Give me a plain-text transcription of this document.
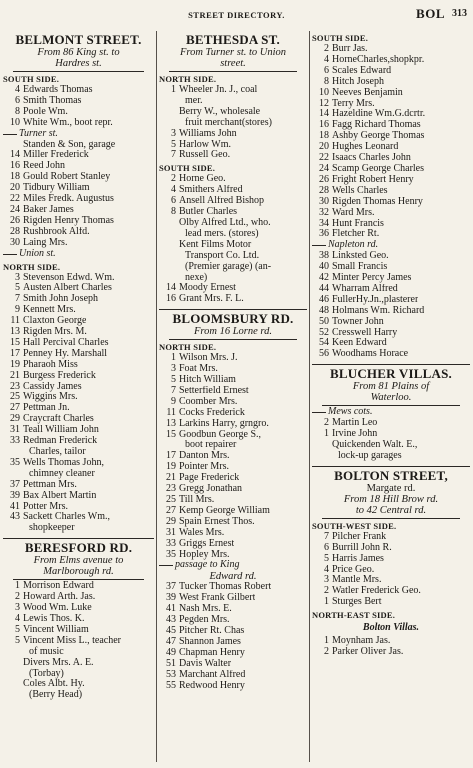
STREET DIRECTORY.	BOL 313
BELMONT STREET.
From 86 King st. to
Hardres st.
SOUTH SIDE.
4 Edwards Thomas
6 Smith Thomas
8 Poole Wm.
10 White Wm., boot repr.
Turner st.
Standen & Son, garage
14 Miller Frederick
16 Reed John
18 Gould Robert Stanley
20 Tidbury William
22 Miles Fredk. Augustus
24 Baker James
26 Rigden Henry Thomas
28 Rushbrook Alfd.
30 Laing Mrs.
Union st.
NORTH SIDE.
3 Stevenson Edwd. Wm.
5 Austen Albert Charles
7 Smith John Joseph
9 Kennett Mrs.
11 Claxton George
13 Rigden Mrs. M.
15 Hall Percival Charles
17 Penney Hy. Marshall
19 Pharaoh Miss
21 Burgess Frederick
23 Cassidy James
25 Wiggins Mrs.
27 Pettman Jn.
29 Craycraft Charles
31 Teall William John
33 Redman Frederick
Charles, tailor
35 Wells Thomas John,
chimney cleaner
37 Pettman Mrs.
39 Bax Albert Martin
41 Potter Mrs.
43 Sackett Charles Wm.,
shopkeeper
BERESFORD RD.
From Elms avenue to
Marlborough rd.
1 Morrison Edward
2 Howard Arth. Jas.
3 Wood Wm. Luke
4 Lewis Thos. K.
5 Vincent William
5 Vincent Miss L., teacher
of music
Divers Mrs. A. E.
(Torbay)
Coles Albt. Hy.
(Berry Head)
BETHESDA ST.
From Turner st. to Union
street.
NORTH SIDE.
1 Wheeler Jn. J., coal
mer.
Berry W., wholesale
fruit merchant(stores)
3 Williams John
5 Harlow Wm.
7 Russell Geo.
SOUTH SIDE.
2 Horne Geo.
4 Smithers Alfred
6 Ansell Alfred Bishop
8 Butler Charles
Olby Alfred Ltd., who.
lead mers. (stores)
Kent Films Motor
Transport Co. Ltd.
(Premier garage) (an-
nexe)
14 Moody Ernest
16 Grant Mrs. F. L.
BLOOMSBURY RD.
From 16 Lorne rd.
NORTH SIDE.
1 Wilson Mrs. J.
3 Foat Mrs.
5 Hitch William
7 Setterfield Ernest
9 Coomber Mrs.
11 Cocks Frederick
13 Larkins Harry, grngro.
15 Goodbun George S.,
boot repairer
17 Danton Mrs.
19 Pointer Mrs.
21 Page Frederick
23 Gregg Jonathan
25 Till Mrs.
27 Kemp George William
29 Spain Ernest Thos.
31 Wales Mrs.
33 Griggs Ernest
35 Hopley Mrs.
passage to King
Edward rd.
37 Tucker Thomas Robert
39 West Frank Gilbert
41 Nash Mrs. E.
43 Pegden Mrs.
45 Pitcher Rt. Chas
47 Shannon James
49 Chapman Henry
51 Davis Walter
53 Marchant Alfred
55 Redwood Henry
SOUTH SIDE.
2 Burr Jas.
4 HorneCharles,shopkpr.
6 Scales Edward
8 Hitch Joseph
10 Neeves Benjamin
12 Terry Mrs.
14 Hazeldine Wm.G.dcrtr.
16 Fagg Richard Thomas
18 Ashby George Thomas
20 Hughes Leonard
22 Isaacs Charles John
24 Scamp George Charles
26 Fright Robert Henry
28 Wells Charles
30 Rigden Thomas Henry
32 Ward Mrs.
34 Hunt Francis
36 Fletcher Rt.
Napleton rd.
38 Linksted Geo.
40 Small Francis
42 Minter Percy James
44 Wharram Alfred
46 FullerHy.Jn.,plasterer
48 Holmans Wm. Richard
50 Towner John
52 Cresswell Harry
54 Keen Edward
56 Woodhams Horace
BLUCHER VILLAS.
From 81 Plains of
Waterloo.
Mews cots.
2 Martin Leo
1 Irvine John
Quickenden Walt. E.,
lock-up garages
BOLTON STREET,
Margate rd.
From 18 Hill Brow rd.
to 42 Central rd.
SOUTH-WEST SIDE.
7 Pilcher Frank
6 Burrill John R.
5 Harris James
4 Price Geo.
3 Mantle Mrs.
2 Watler Frederick Geo.
1 Sturges Bert
NORTH-EAST SIDE.
Bolton Villas.
1 Moynham Jas.
2 Parker Oliver Jas.
